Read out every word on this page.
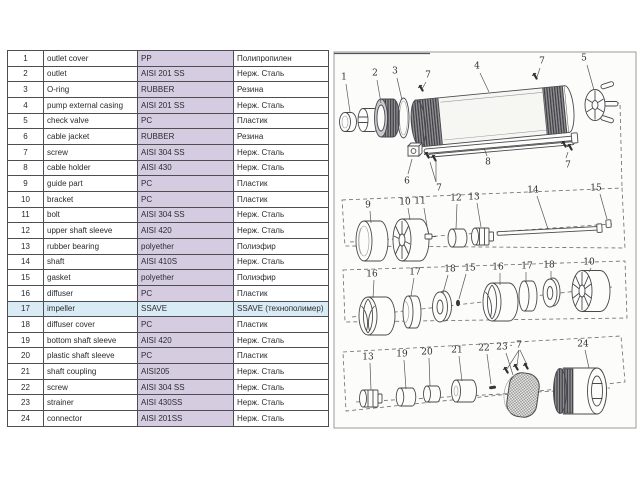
1	outlet cover	PP	Полипропилен
2	outlet	AISI 201 SS	Нерж. Сталь
3	O-ring	RUBBER	Резина
4	pump external casing	AISI 201 SS	Нерж. Сталь
5	check valve	PC	Пластик
6	cable jacket	RUBBER	Резина
7	screw	AISI 304 SS	Нерж. Сталь
8	cable holder	AISI 430	Нерж. Сталь
9	guide part	PC	Пластик
10	bracket	PC	Пластик
11	bolt	AISI 304 SS	Нерж. Сталь
12	upper shaft sleeve	AISI 420	Нерж. Сталь
13	rubber bearing	polyether	Полиэфир
14	shaft	AISI 410S	Нерж. Сталь
15	gasket	polyether	Полиэфир
16	diffuser	PC	Пластик
17	impeller	SSAVE	SSAVE (технополимер)
18	diffuser cover	PC	Пластик
19	bottom shaft sleeve	AISI 420	Нерж. Сталь
20	plastic shaft sleeve	PC	Пластик
21	shaft coupling	AISI205	Нерж. Сталь
22	screw	AISI 304 SS	Нерж. Сталь
23	strainer	AISI 430SS	Нерж. Сталь
24	connector	AISI 201SS	Нерж. Сталь
1	2 3	7
4	7	5
6
7
8	7
9	10 11	12 13
14	15
16	17	18 15 16 17 18	10
13	19 20 21 22 23 · 7	24
